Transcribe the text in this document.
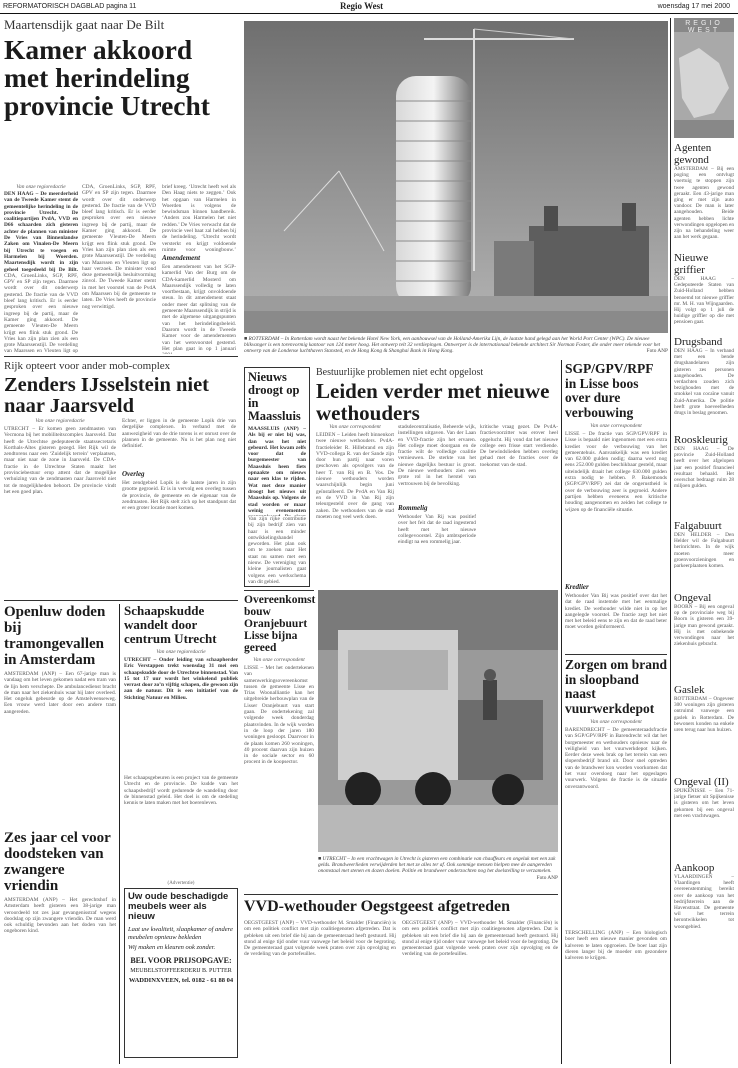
REFORMATORISCH DAGBLAD pagina 11	Regio West	woensdag 17 mei 2000
Maartensdijk gaat naar De Bilt
Kamer akkoord met herindeling provincie Utrecht
Van onze regioredactie
DEN HAAG – De meerderheid van de Tweede Kamer stemt de gemeentelijke herindeling in de provincie Utrecht. De coalitiepartijen PvdA, VVD en D66 schaarden zich gisteren achter de plannen van minister De Vries van Binnenlandse Zaken om Vinalen-De Meern bij Utrecht te voegen en Harmelen bij Woerden. Maartensdijk wordt in zijn geheel toegedeeld bij De Bilt. CDA, GroenLinks, SGP, RPF, GPV en SP zijn tegen. Daarmee wordt over dit onderwerp gestemd. De fractie van de VVD bleef lang kritisch. Er is eerder gesproken over een nieuwe ingreep bij de partij, maar de Kamer ging akkoord. De gemeente Vleuten-De Meern krijgt een flink stuk grond. De Vries kan zijn plan zien als een grote Maarssenstijl. De verdeling van Maarssen en Vleuten ligt op
CDA, GroenLinks, SGP, RPF, GPV en SP zijn tegen. Daarmee wordt over dit onderwerp gestemd. De fractie van de VVD bleef lang kritisch. Er is eerder gesproken over een nieuwe ingreep bij de partij, maar de Kamer ging akkoord. De gemeente Vleuten-De Meern krijgt een flink stuk grond. De Vries kan zijn plan zien als een grote Maarssenstijl. De verdeling van Maarssen en Vleuten ligt op haar verzoek. De minister vond deze gemeentelijk besluitvorming zinvol. De Tweede Kamer stemt in met het voorstel van de PvdA om Maarssen bij de gemeente te laten. De Vries heeft de provincie nog verwittigd.
brief kreeg. ‘Utrecht heeft wel als Den Haag niets te zeggen.’ Ook het opgaan van Harmelen in Woerden is volgens de bewindsman binnen handbereik. ‘Anders zou Harmelen het niet redden.’ De Vries verwacht dat de provincie veel baat zal hebben bij de herindeling. ‘Utrecht wordt versterkt en krijgt voldoende ruimte voor woningbouw.’
Amendement
Een amendement van het SGP-kamerlid Van der Burg om de CDA-kamerlid Mosterd om Maarssendijk volledig te laten voortbestaan, krijgt onvoldoende steun. In dit amendement staat onder meer dat splitsing van de gemeente Maarssendijk in strijd is met de algemene uitgangspunten van het herindelingsbeleid. Daarom wordt in de Tweede Kamer voor de amendementen van het wetsvoorstel gestemd. Het plan gaat in op 1 januari
■ ROTTERDAM – In Rotterdam wordt naast het bekende Hotel New York, een aanbouwsel van de Holland-Amerika Lijn, de laatste hand gelegd aan het World Port Center (WPC). De nieuwe blikvanger is een torenvormig kantoor van 124 meter hoog. Het ontwerp telt 32 verdiepingen. Ontwerper is de internationaal bekende architect Sir Norman Foster, die onder meer tekende voor het ontwerp van de Londense luchthaven Stansted, en de Hong Kong & Shanghai Bank in Hong Kong.	Foto ANP
REGIO WEST
Agenten gewond
AMSTERDAM – Bij een poging een ontvlugt voertuig te stoppen zijn twee agenten gewond geraakt. Een 43-jarige man ging er met zijn auto vandoor. De man is later aangehouden. Beide agenten hebben lichte verwondingen opgelopen en zijn na behandeling weer aan het werk gegaan.
Nieuwe griffier
DEN HAAG – Gedeputeerde Staten van Zuid-Holland hebben benoemd tot nieuwe griffier mr. M. H. van Wijngaarden. Hij volgt op 1 juli de huidige griffier op die met pensioen gaat.
Drugsband
DEN HAAG – In verband met een bende drugshandelaren zijn gisteren zes personen aangehouden. De verdachten zouden zich bezighouden met de smokkel van cocaïne vanuit Zuid-Amerika. De politie heeft grote hoeveelheden drugs in beslag genomen.
Rooskleurig
DEN HAAG – De provincie Zuid-Holland heeft over het afgelopen jaar een positief financieel resultaat behaald. Het overschot bedraagt ruim 28 miljoen gulden.
Falgabuurt
DEN HELDER – Den Helder wil de Falgabuurt herinrichten. In de wijk moeten meer groenvoorzieningen en parkeerplaatsen komen.
Ongeval
BOORN – Bij een ongeval op de provinciale weg bij Boorn is gisteren een 39-jarige man gewond geraakt. Hij is met onbekende verwondingen naar het ziekenhuis gebracht.
Gaslek
ROTTERDAM – Ongeveer 300 woningen zijn gisteren ontruimd vanwege een gaslek in Rotterdam. De bewoners konden na enkele uren terug naar hun huizen.
Ongeval (II)
SPIJKENISSE – Een 71-jarige fietser uit Spijkenisse is gisteren om het leven gekomen bij een ongeval met een vrachtwagen.
Aankoop
VLAARDINGEN – Vlaardingen heeft overeenstemming bereikt over de aankoop van het bedrijfsterrein aan de Havenstraat. De gemeente wil het terrein herontwikkelen tot woongebied.
Rijk opteert voor ander mob-complex
Zenders IJsselstein niet naar Jaarsveld
Van onze regioredactie
UTRECHT – Er komen geen zendmasten van Vecmona bij het mobiliteitscomplex Jaarsveld. Dat heeft de Utrechtse gedeputeerde staatssecretaris Korthals-Altes gisteren gezegd. Het Rijk wil de zendtorens naar een ‘Zuidelijk terrein’ verplaatsen, maar niet naar de zone in Jaarsveld. De CDA-fractie in de Utrechtse Staten maakt het provinciebestuur erop attent dat de mogelijke verhuizing van de zendmasten naar Jaarsveld niet tot de mogelijkheden behoort. De provincie vindt het een goed plan.
Echter, er liggen in de gemeente Lopik drie van dergelijke complexen. In verband met de aanwezigheid van de drie torens is er onrust over de plannen in de gemeente. Nu is het plan nog niet definitief.
Overleg
Het zendgebied Lopik is de laatste jaren in zijn grootte gegroeid. Er is in vervolg een overleg tussen de provincie, de gemeente en de eigenaar van de zendmasten. Het Rijk stelt zich op het standpunt dat er een groter locatie moet komen.
Openluw doden bij tramongevallen in Amsterdam
AMSTERDAM (ANP) – Een 67-jarige man is vandaag om het leven gekomen nadat een tram van de lijn hem verschepte. De ambulancedienst bracht de man naar het ziekenhuis waar hij later overleed. Het ongeluk gebeurde op de Amstelveenseweg. Een vrouw werd later door een andere tram aangereden.
Zes jaar cel voor doodsteken van zwangere vriendin
AMSTERDAM (ANP) – Het gerechtshof in Amsterdam heeft gisteren een 38-jarige man veroordeeld tot zes jaar gevangenisstraf wegens doodslag op zijn zwangere vriendin. De man werd ook schuldig bevonden aan het doden van het ongeboren kind.
Schaapskudde wandelt door centrum Utrecht
Van onze regioredactie
UTRECHT – Onder leiding van schaapherder Eric Verstappen trekt woensdag 31 mei een schaapskudde door de Utrechtse binnenstad. Van 15 tot 17 uur wordt het winkelend publiek verrast door zo’n vijftig schapen, die gewoon zijn aan de natuur. Dit is een initiatief van de Stichting Natuur en Milieu.
Het schaapsgebeuren is een project van de gemeente Utrecht en de provincie. De kudde van het schaapsbedrijf wordt gedurende de wandeling door de binnenstad geleid. Het doel is om de stedeling kennis te laten maken met het boerenleven.
(Advertentie)
Uw oude beschadigde meubels weer als nieuw
Laat uw kwaliteit, slaapkamer of andere meubelen opnieuw bekleden
Wij maken en kleuren ook zonder.
BEL VOOR PRIJSOPGAVE:
MEUBELSTOFFEERDERIJ B. PUTTER
WADDINXVEEN, tel. 0182 - 61 88 04
Nieuws droogt op in Maassluis
MAASSLUIS (ANP) – Als bij er niet bij was, dan was het niet gebeurd. Het kwam zelfs voor dat de burgemeester van Maassluis heen fiets opnaakte om nieuws naar een klas te rijden. Wat met deze manier droogt het nieuws uit Maassluis op. Volgens de stad worden er maar weinig evenementen
Van zijn rijke contributie bij zijn bedrijf zien van haar is een minder ontwikkelingshandel geworden. Het plan ook om te zoeken naar Het staat nu samen met een nieuw. De vereniging van kleine journalisten gaat volgens een werkschema van dit gebied.
Bestuurlijke problemen niet echt opgelost
Leiden verder met nieuwe wethouders
Van onze correspondent
LEIDEN – Leiden heeft binnenkort twee nieuwe wethouders. PvdA-fractieleider R. Hillebrand en zijn VVD-collega R. van der Sande zijn door hun partij naar voren geschoven als opvolgers van de heer T. van Rij en B. Vos. De nieuwe wethouders worden waarschijnlijk begin juni geïnstalleerd. De PvdA en Van Rij en de VVD in Van Rij zijn teleurgesteld over de gang van zaken. De wethouders van de stad moeten nog veel werk doen.
stadsdecentralisatie, Beheerde wijk, instellingen uitgaven. Van der Laan en VVD-fractie zijn het ervaren. Het college moet doorgaan en de fractie wilt de volledige coalitie vernieuwen. De sterkte van het nieuwe dagelijks bestuur is groot. De nieuwe wethouders zien een grote rol in het herstel van vertrouwen bij de bevolking.
Rommelig
Wethouder Van Rij was positief over het feit dat de raad ingestemd heeft met het nieuwe collegevoorstel. Zijn ambtsperiode eindigt na een rommelig jaar.
kritische vraag gezet. De PvdA-fractievoorzitter was erover heel opgelucht. Hij vond dat het nieuwe college een frisse start verdiende. De bewindslieden hebben overleg gehad met de fracties over de toekomst van de stad.
Overeenkomst bouw Oranjebuurt Lisse bijna gereed
Van onze correspondent
LISSE – Met het ondertekenen van samenwerkingsovereenkomst tussen de gemeente Lisse en Trias Woonalliantie kan het uitgebreide herbouwplan van de Lisser Oranjebuurt van start gaan. De ondertekening zal volgende week donderdag plaatsvinden. In de wijk worden in de loop der jaren 180 woningen gesloopt. Daarvoor in de plaats komen 260 woningen, 40 procent daarvan zijn huizen in de sociale sector en 60 procent in de koopsector.
■ UTRECHT – In een vrachtwagen in Utrecht is gisteren een combinatie van chauffeurs en ongeluk met een zak gelds. Brandweerlieden verwijderden het met ze alles ter af. Ook sommige mensen hielpen mee de aangereden onomstaal met stenen en dozen doelen. Politie en brandweer onderzochten nog het doelstelling te verzamelen.
Foto ANP
VVD-wethouder Oegstgeest afgetreden
OEGSTGEEST (ANP) – VVD-wethouder M. Smalder (Financiën) is om een politiek conflict met zijn coalitiegenoten afgetreden. Dat is gebleken uit een brief die hij aan de gemeenteraad heeft gestuurd. Hij stond al enige tijd onder vuur vanwege het beleid voor de begroting. De gemeenteraad gaat volgende week praten over zijn opvolging en de verdeling van de portefeuilles.
OEGSTGEEST (ANP) – VVD-wethouder M. Smalder (Financiën) is om een politiek conflict met zijn coalitiegenoten afgetreden. Dat is gebleken uit een brief die hij aan de gemeenteraad heeft gestuurd. Hij stond al enige tijd onder vuur vanwege het beleid voor de begroting. De gemeenteraad gaat volgende week praten over zijn opvolging en de verdeling van de portefeuilles.
SGP/GPV/RPF in Lisse boos over dure verbouwing
Van onze correspondent
LISSE – De fractie van SGP/GPV/RPF in Lisse is bepaald niet ingenomen met een extra krediet voor de verbouwing van het gemeentehuis. Aanvankelijk was een krediet van 62.000 gulden nodig; daarna werd nog eens 252.000 gulden beschikbaar gesteld, maar uiteindelijk draait het college 630.000 gulden extra nodig te hebben. P. Bakemonds (SGP/GPV/RPF) zei dat de ongerustheid is over de verbouwing zeer is gegroeid. Andere partijen hebben eveneens een kritische houding aangenomen en zeiden het college te wijzen op de financiële situatie.
Kredlier
Wethouder Van Bij was positief over dat het dat de raad instemde met het eenmalige krediet. De wethouder wilde niet in op het aangelegde voorstel. De fractie zegt het niet met het beleid eens te zijn en dat de raad beter moet worden geïnformeerd.
Zorgen om brand in sloopband naast vuurwerkdepot
Van onze correspondent
BARENDRECHT – De gemeenteraadsfractie van SGP/GPV/RPF in Barendrecht wil dat het burgemeester en wethouders opnieuw naar de veiligheid van het vuurwerkdepot kijken. Eerder deze week brak op het terrein van een slopersbedrijf brand uit. Door snel optreden van de brandweer kon worden voorkomen dat het vuur oversloeg naar het opgeslagen vuurwerk. Volgens de fractie is de situatie onverantwoord.
TERSCHELLING (ANP) – Een biologisch boer heeft een nieuwe manier gevonden om kalveren te laten opgroeien. De boer laat zijn dieren langer bij de moeder om gezondere kalveren te krijgen.
